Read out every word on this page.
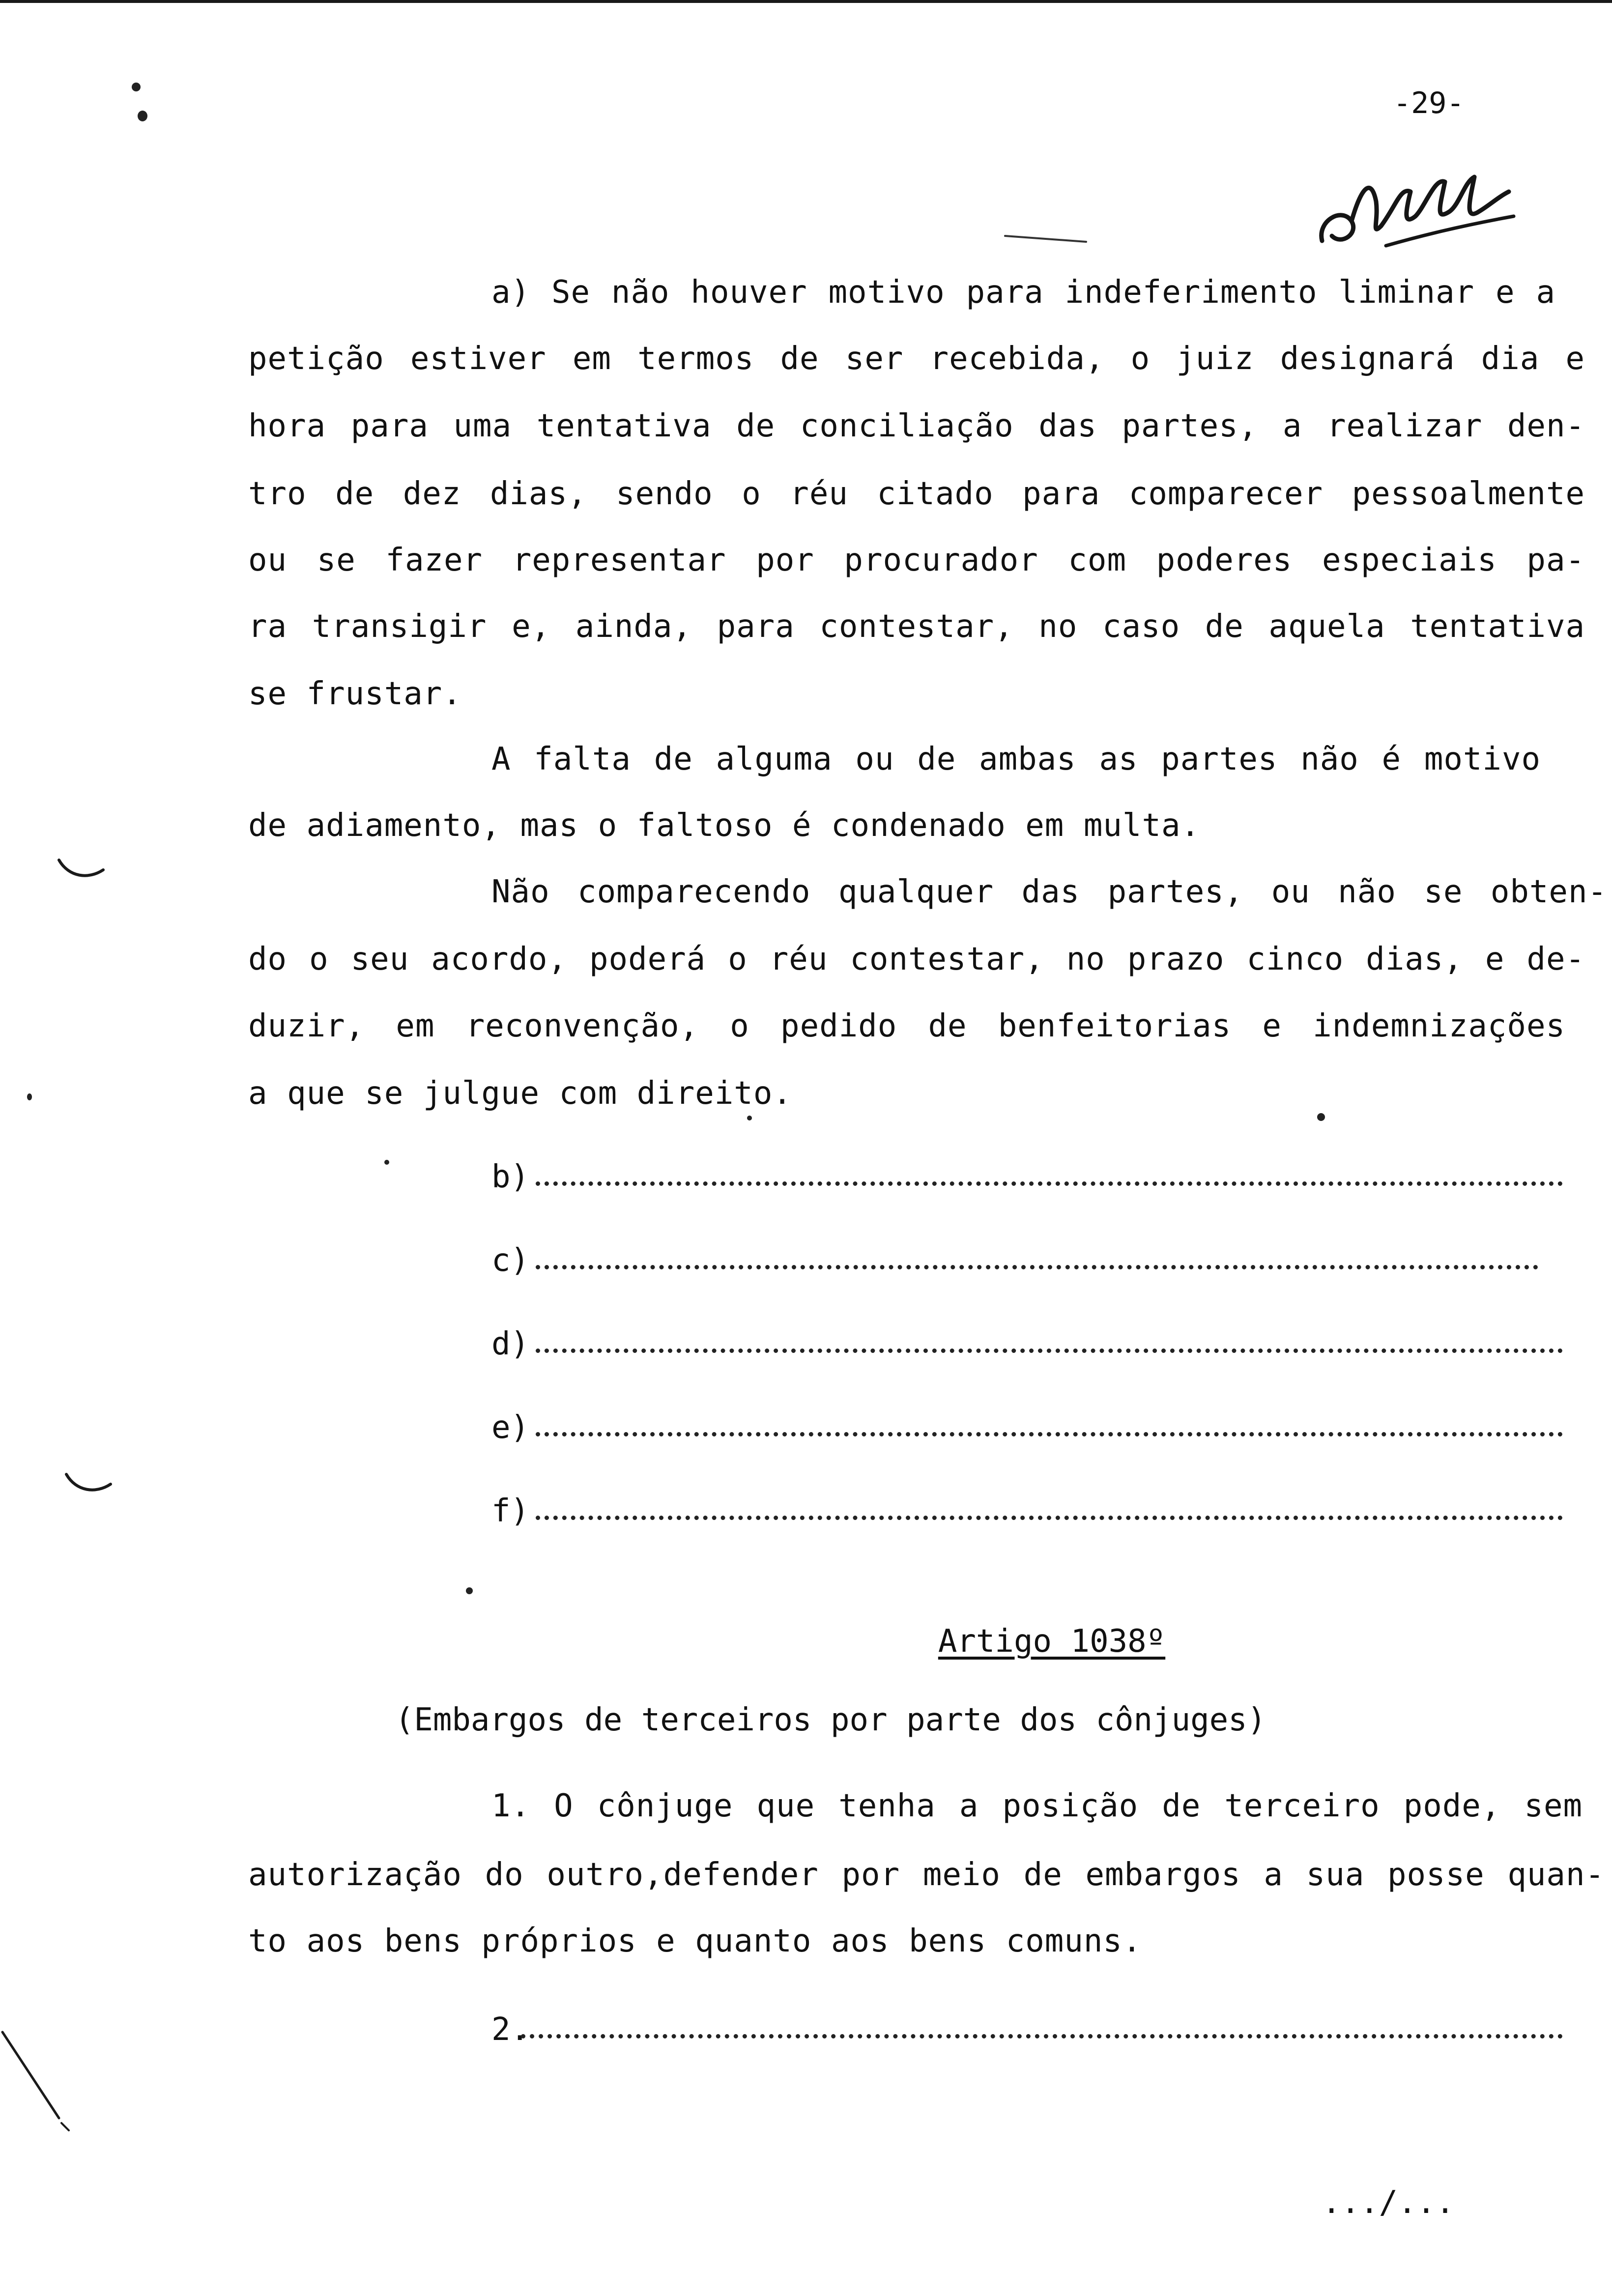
-29-
a) Se não houver motivo para indeferimento liminar e a
petição estiver em termos de ser recebida, o juiz designará dia e
hora para uma tentativa de conciliação das partes, a realizar den-
tro de dez dias, sendo o réu citado para comparecer pessoalmente
ou se fazer representar por procurador com poderes especiais pa-
ra transigir e, ainda, para contestar, no caso de aquela tentativa
se frustar.
A falta de alguma ou de ambas as partes não é motivo
de adiamento, mas o faltoso é condenado em multa.
Não comparecendo qualquer das partes, ou não se obten-
do o seu acordo, poderá o réu contestar, no prazo cinco dias, e de-
duzir, em reconvenção, o pedido de benfeitorias e indemnizações
a que se julgue com direito.
b)
c)
d)
e)
f)
Artigo 1038º
(Embargos de terceiros por parte dos cônjuges)
1. O cônjuge que tenha a posição de terceiro pode, sem
autorização do outro,defender por meio de embargos a sua posse quan-
to aos bens próprios e quanto aos bens comuns.
2.
.../...
